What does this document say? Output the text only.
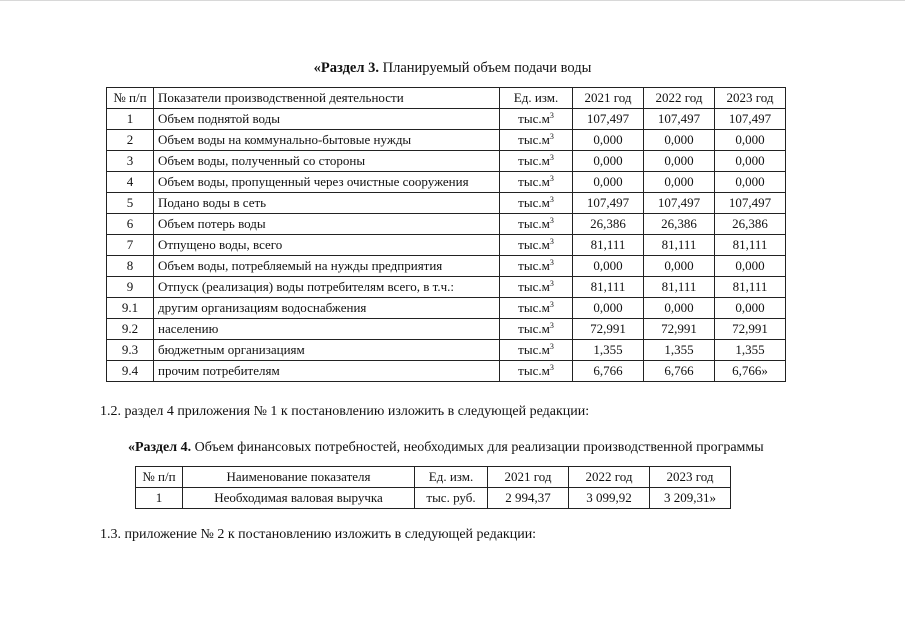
«Раздел 3. Планируемый объем подачи воды
№ п/п	Показатели производственной деятельности	Ед. изм.	2021 год	2022 год	2023 год
1	Объем поднятой воды	$тыс.м^3$	107,497	107,497	107,497
2	Объем воды на коммунально-бытовые нужды	$тыс.м^3$	0,000	0,000	0,000
3	Объем воды, полученный со стороны	$тыс.м^3$	0,000	0,000	0,000
4	Объем воды, пропущенный через очистные сооружения	$тыс.м^3$	0,000	0,000	0,000
5	Подано воды в сеть	$тыс.м^3$	107,497	107,497	107,497
6	Объем потерь воды	$тыс.м^3$	26,386	26,386	26,386
7	Отпущено воды, всего	$тыс.м^3$	81,111	81,111	81,111
8	Объем воды, потребляемый на нужды предприятия	$тыс.м^3$	0,000	0,000	0,000
9	Отпуск (реализация) воды потребителям всего, в т.ч.:	$тыс.м^3$	81,111	81,111	81,111
9.1	другим организациям водоснабжения	$тыс.м^3$	0,000	0,000	0,000
9.2	населению	$тыс.м^3$	72,991	72,991	72,991
9.3	бюджетным организациям	$тыс.м^3$	1,355	1,355	1,355
9.4	прочим потребителям	$тыс.м^3$	6,766	6,766	6,766»
1.2. раздел 4 приложения № 1 к постановлению изложить в следующей редакции:
«Раздел 4. Объем финансовых потребностей, необходимых для реализации производственной программы
№ п/п	Наименование показателя	Ед. изм.	2021 год	2022 год	2023 год
1	Необходимая валовая выручка	тыс. руб.	2 994,37	3 099,92	3 209,31»
1.3. приложение № 2 к постановлению изложить в следующей редакции:
